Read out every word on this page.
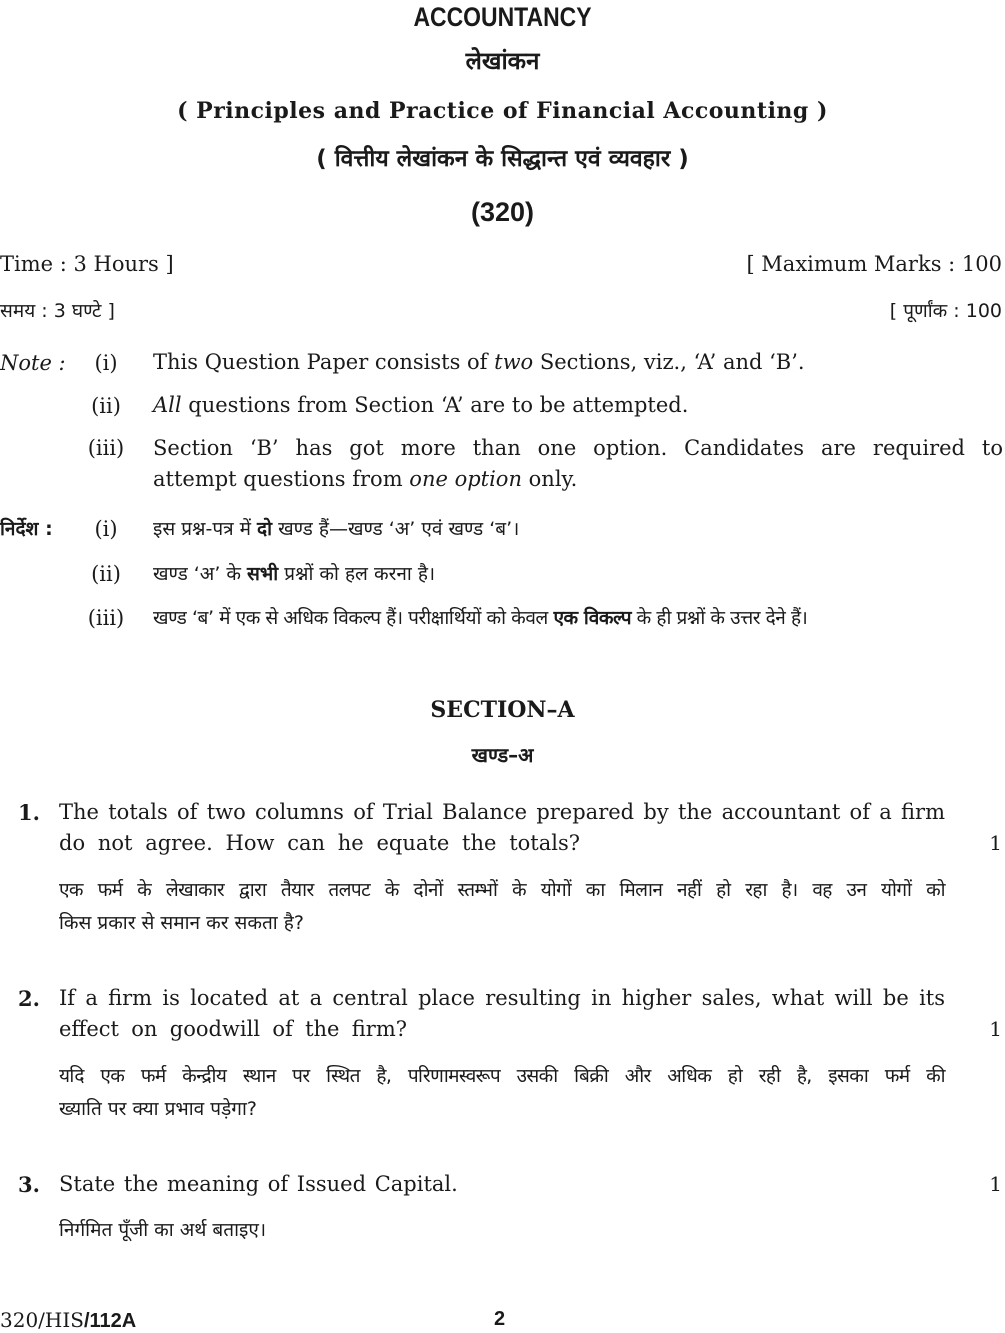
ACCOUNTANCY
लेखांकन
( Principles and Practice of Financial Accounting )
( वित्तीय लेखांकन के सिद्धान्त एवं व्यवहार )
(320)
Time : 3 Hours ]	[ Maximum Marks : 100
समय : 3 घण्टे ]	[ पूर्णांक : 100
Note :	(i)	This Question Paper consists of two Sections, viz., ‘A’ and ‘B’.
(ii) All questions from Section ‘A’ are to be attempted.
(iii) Section ‘B’ has got more than one option. Candidates are required to
attempt questions from one option only.
निर्देश :	(i)	इस प्रश्न-पत्र में दो खण्ड हैं—खण्ड ‘अ’ एवं खण्ड ‘ब’।
(ii) खण्ड ‘अ’ के सभी प्रश्नों को हल करना है।
(iii) खण्ड ‘ब’ में एक से अधिक विकल्प हैं। परीक्षार्थियों को केवल एक विकल्प के ही प्रश्नों के उत्तर देने हैं।
SECTION–A
खण्ड–अ
1. The totals of two columns of Trial Balance prepared by the accountant of a firm
do not agree. How can he equate the totals?	1
एक फर्म के लेखाकार द्वारा तैयार तलपट के दोनों स्तम्भों के योगों का मिलान नहीं हो रहा है। वह उन योगों को
किस प्रकार से समान कर सकता है?
2. If a firm is located at a central place resulting in higher sales, what will be its
effect on goodwill of the firm?	1
यदि एक फर्म केन्द्रीय स्थान पर स्थित है, परिणामस्वरूप उसकी बिक्री और अधिक हो रही है, इसका फर्म की
ख्याति पर क्या प्रभाव पड़ेगा?
3. State the meaning of Issued Capital.	1
निर्गमित पूँजी का अर्थ बताइए।
320/HIS/112A	2
